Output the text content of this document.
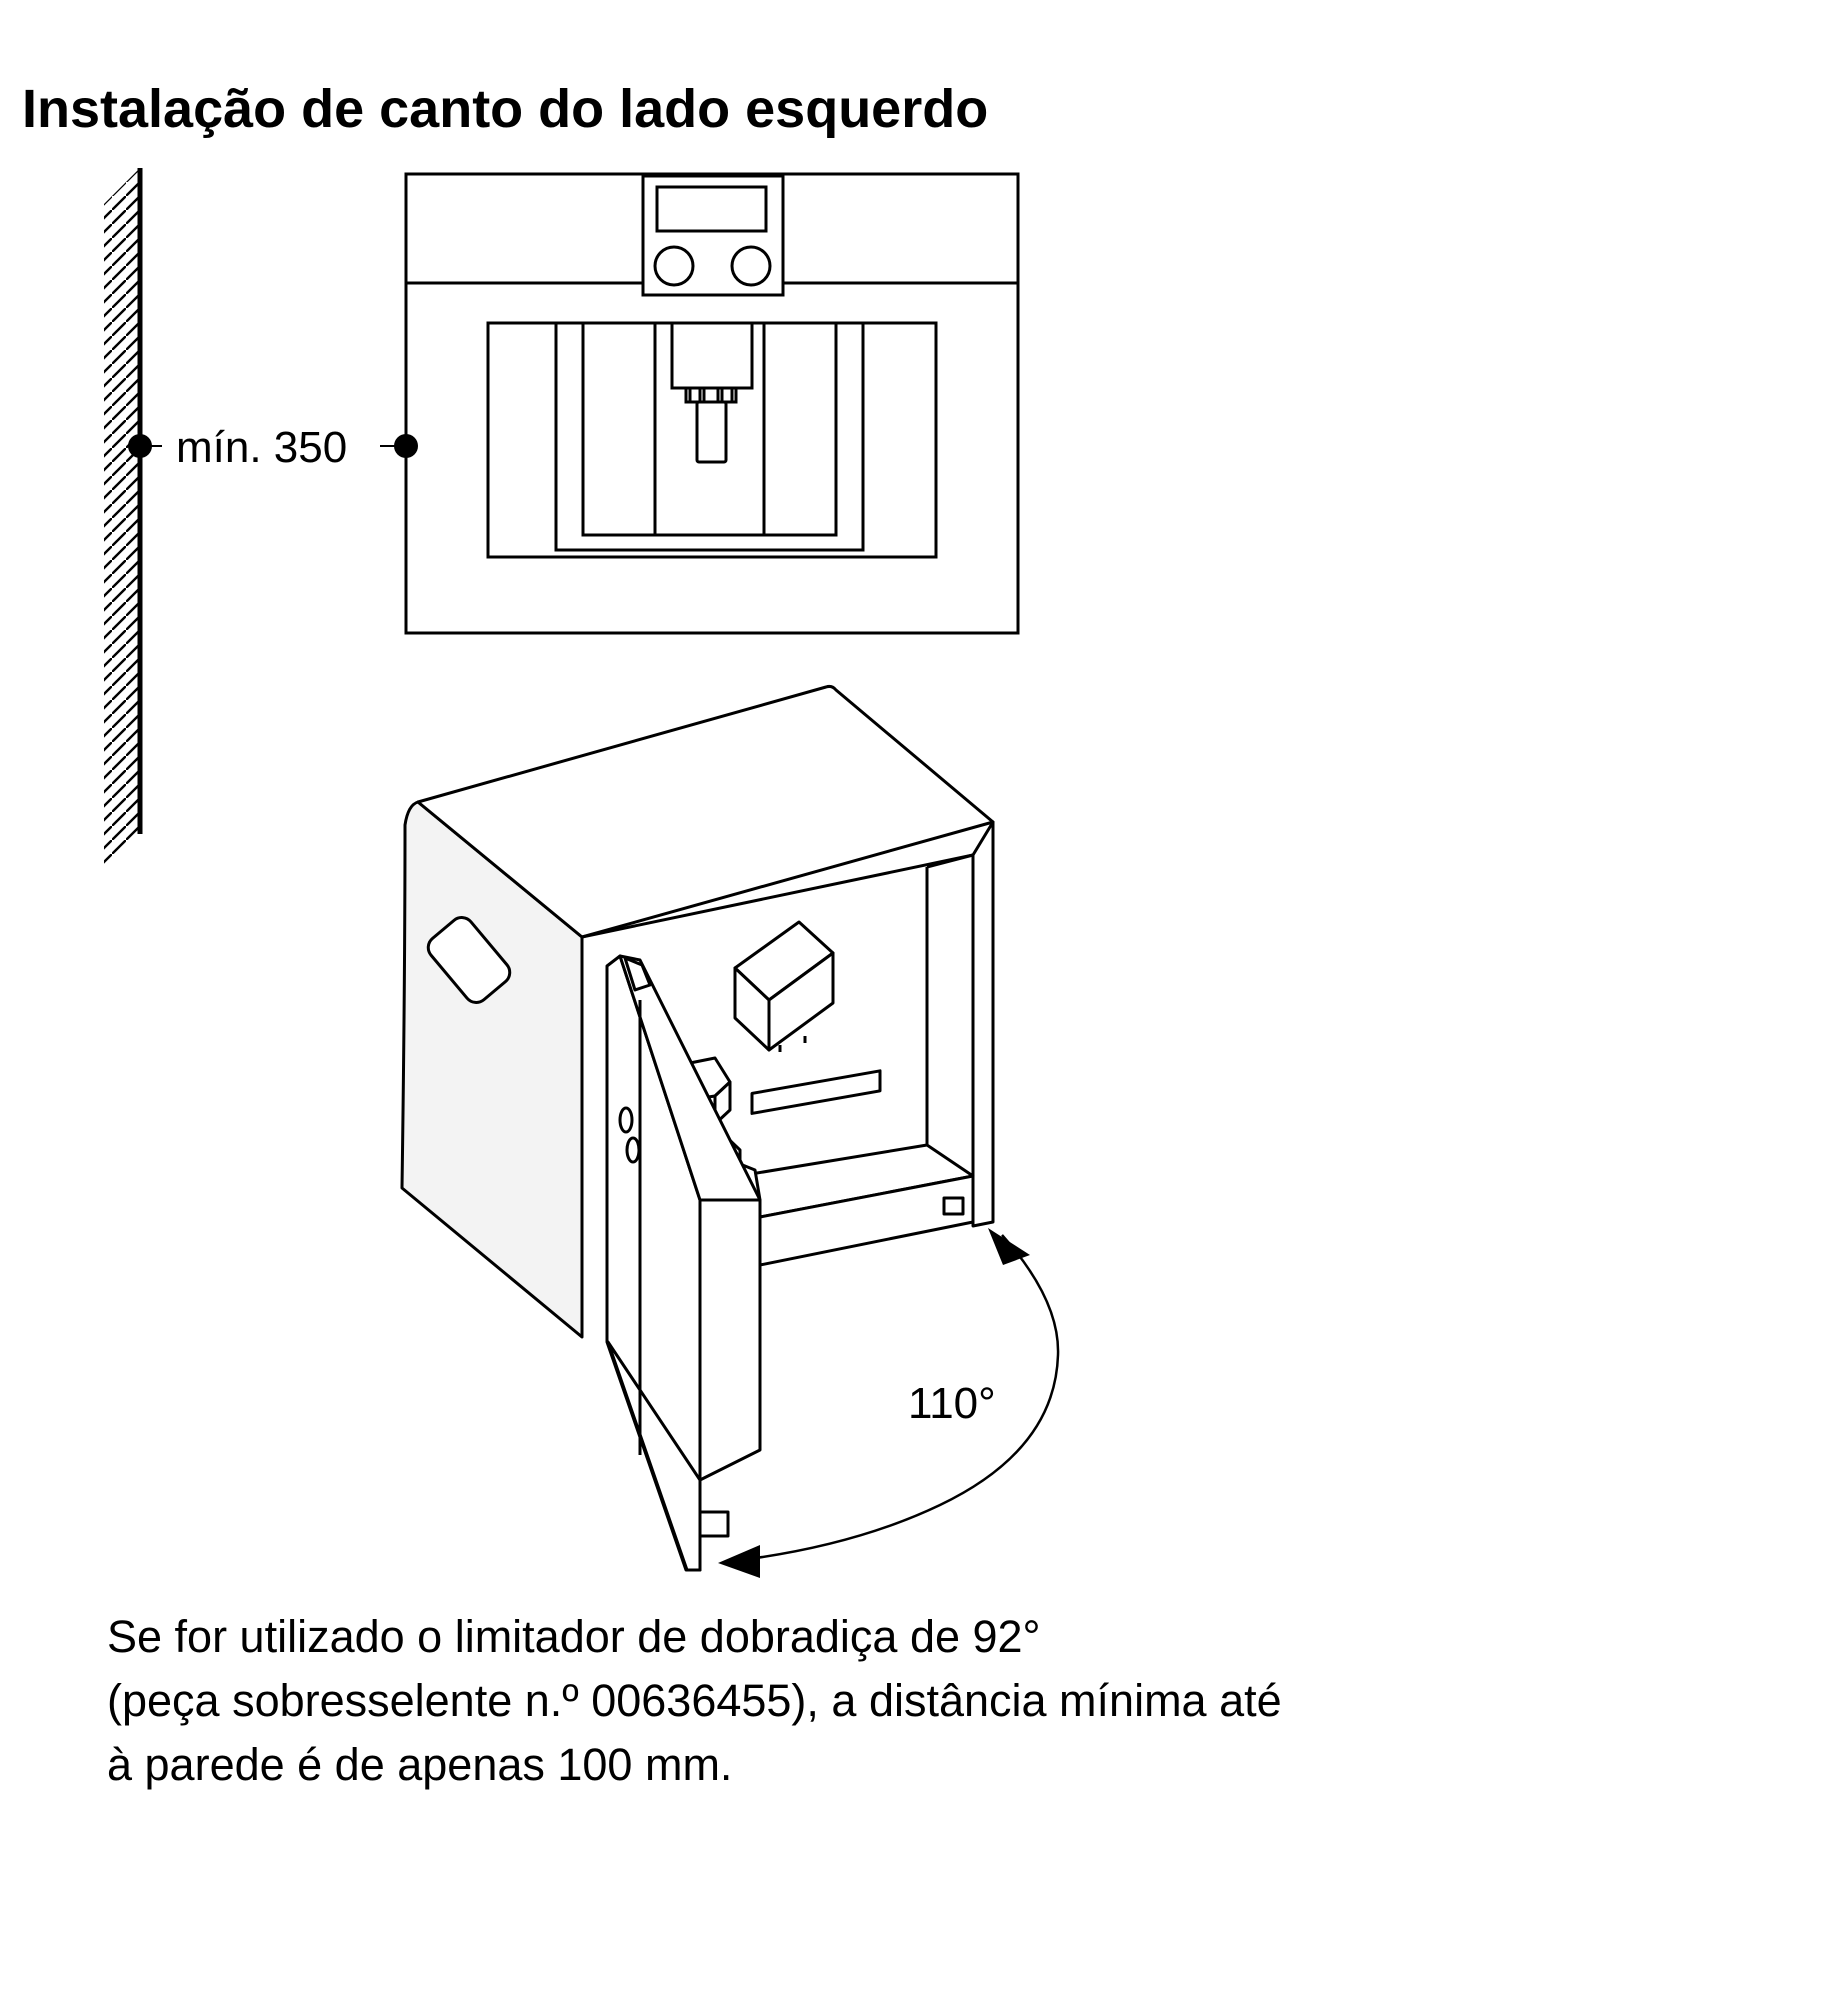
Instalação de canto do lado esquerdo
mín. 350
110°
Se for utilizado o limitador de dobradiça de 92°
(peça sobresselente n.º 00636455), a distância mínima até
à parede é de apenas 100 mm.
